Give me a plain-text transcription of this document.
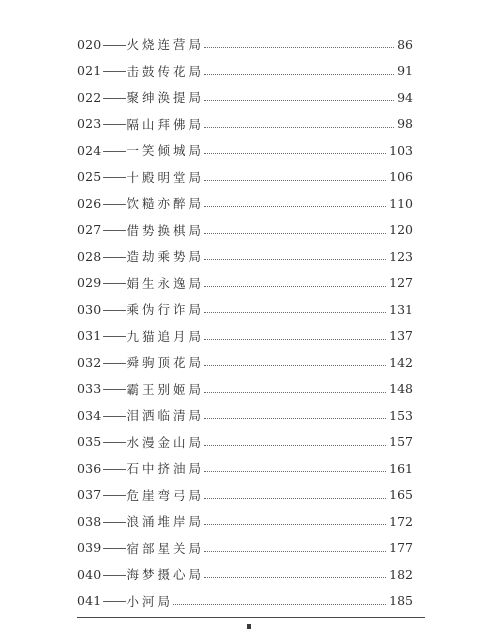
020 —— 火烧连营局	86
021 —— 击鼓传花局	91
022 —— 聚绅涣提局	94
023 —— 隔山拜佛局	98
024 —— 一笑倾城局	103
025 —— 十殿明堂局	106
026 —— 饮糙亦醉局	110
027 —— 借势换棋局	120
028 —— 造劫乘势局	123
029 —— 娟生永逸局	127
030 —— 乘伪行诈局	131
031 —— 九猫追月局	137
032 —— 舜驹顶花局	142
033 —— 霸王别姬局	148
034 —— 泪洒临清局	153
035 —— 水漫金山局	157
036 —— 石中挤油局	161
037 —— 危崖弯弓局	165
038 —— 浪涌堆岸局	172
039 —— 宿部星关局	177
040 —— 海梦摄心局	182
041 —— 小河局	185
